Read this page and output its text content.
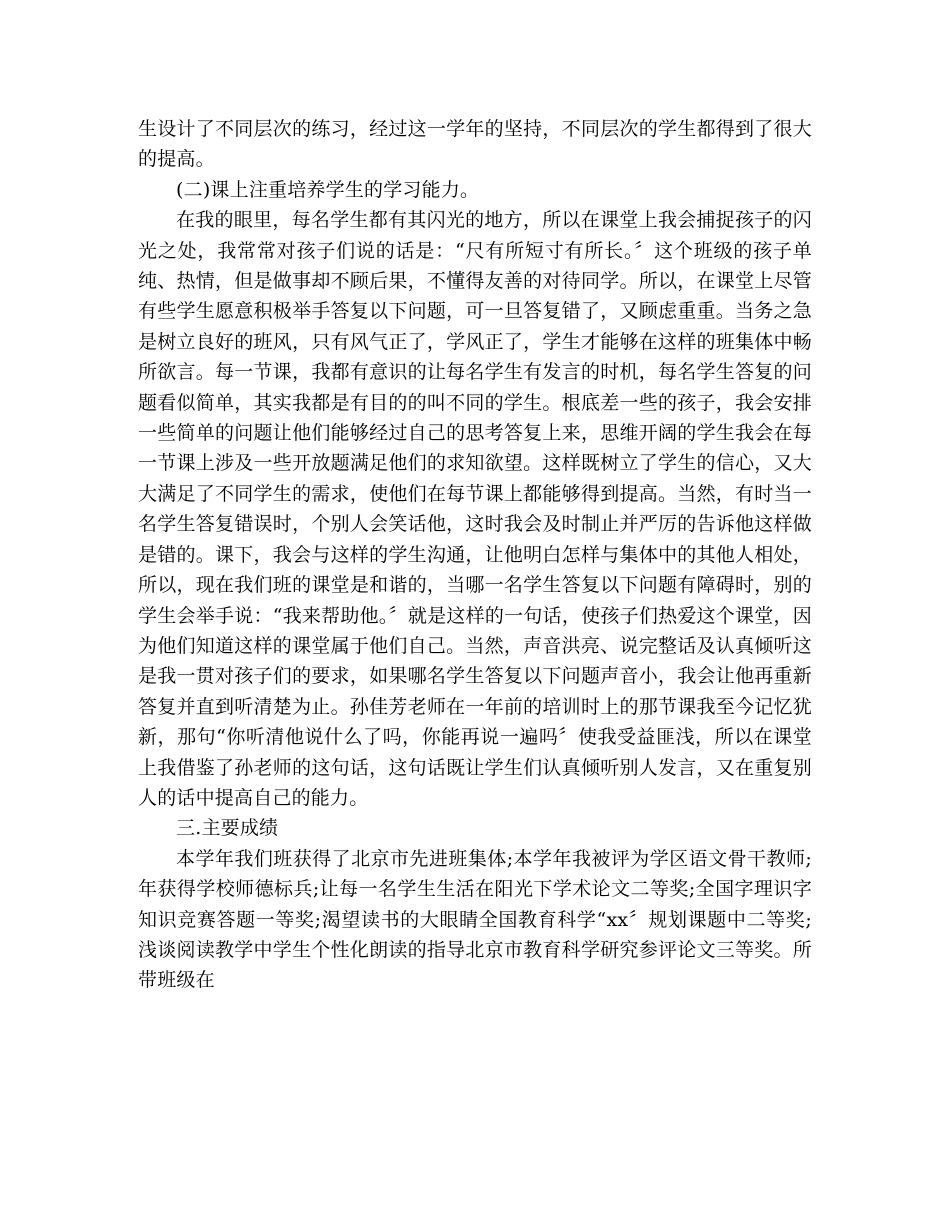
生设计了不同层次的练习，经过这一学年的坚持，不同层次的学生都得到了很大的提高。

(二)课上注重培养学生的学习能力。

在我的眼里，每名学生都有其闪光的地方，所以在课堂上我会捕捉孩子的闪光之处，我常常对孩子们说的话是：“尺有所短寸有所长。〞这个班级的孩子单纯、热情，但是做事却不顾后果，不懂得友善的对待同学。所以，在课堂上尽管有些学生愿意积极举手答复以下问题，可一旦答复错了，又顾虑重重。当务之急是树立良好的班风，只有风气正了，学风正了，学生才能够在这样的班集体中畅所欲言。每一节课，我都有意识的让每名学生有发言的时机，每名学生答复的问题看似简单，其实我都是有目的的叫不同的学生。根底差一些的孩子，我会安排一些简单的问题让他们能够经过自己的思考答复上来，思维开阔的学生我会在每一节课上涉及一些开放题满足他们的求知欲望。这样既树立了学生的信心，又大大满足了不同学生的需求，使他们在每节课上都能够得到提高。当然，有时当一名学生答复错误时，个别人会笑话他，这时我会及时制止并严厉的告诉他这样做是错的。课下，我会与这样的学生沟通，让他明白怎样与集体中的其他人相处，所以，现在我们班的课堂是和谐的，当哪一名学生答复以下问题有障碍时，别的学生会举手说：“我来帮助他。〞就是这样的一句话，使孩子们热爱这个课堂，因为他们知道这样的课堂属于他们自己。当然，声音洪亮、说完整话及认真倾听这是我一贯对孩子们的要求，如果哪名学生答复以下问题声音小，我会让他再重新答复并直到听清楚为止。孙佳芳老师在一年前的培训时上的那节课我至今记忆犹新，那句“你听清他说什么了吗，你能再说一遍吗〞使我受益匪浅，所以在课堂上我借鉴了孙老师的这句话，这句话既让学生们认真倾听别人发言，又在重复别人的话中提高自己的能力。

三.主要成绩

本学年我们班获得了北京市先进班集体;本学年我被评为学区语文骨干教师;年获得学校师德标兵;让每一名学生生活在阳光下学术论文二等奖;全国字理识字知识竞赛答题一等奖;渴望读书的大眼睛全国教育科学“xx〞规划课题中二等奖;浅谈阅读教学中学生个性化朗读的指导北京市教育科学研究参评论文三等奖。所带班级在
